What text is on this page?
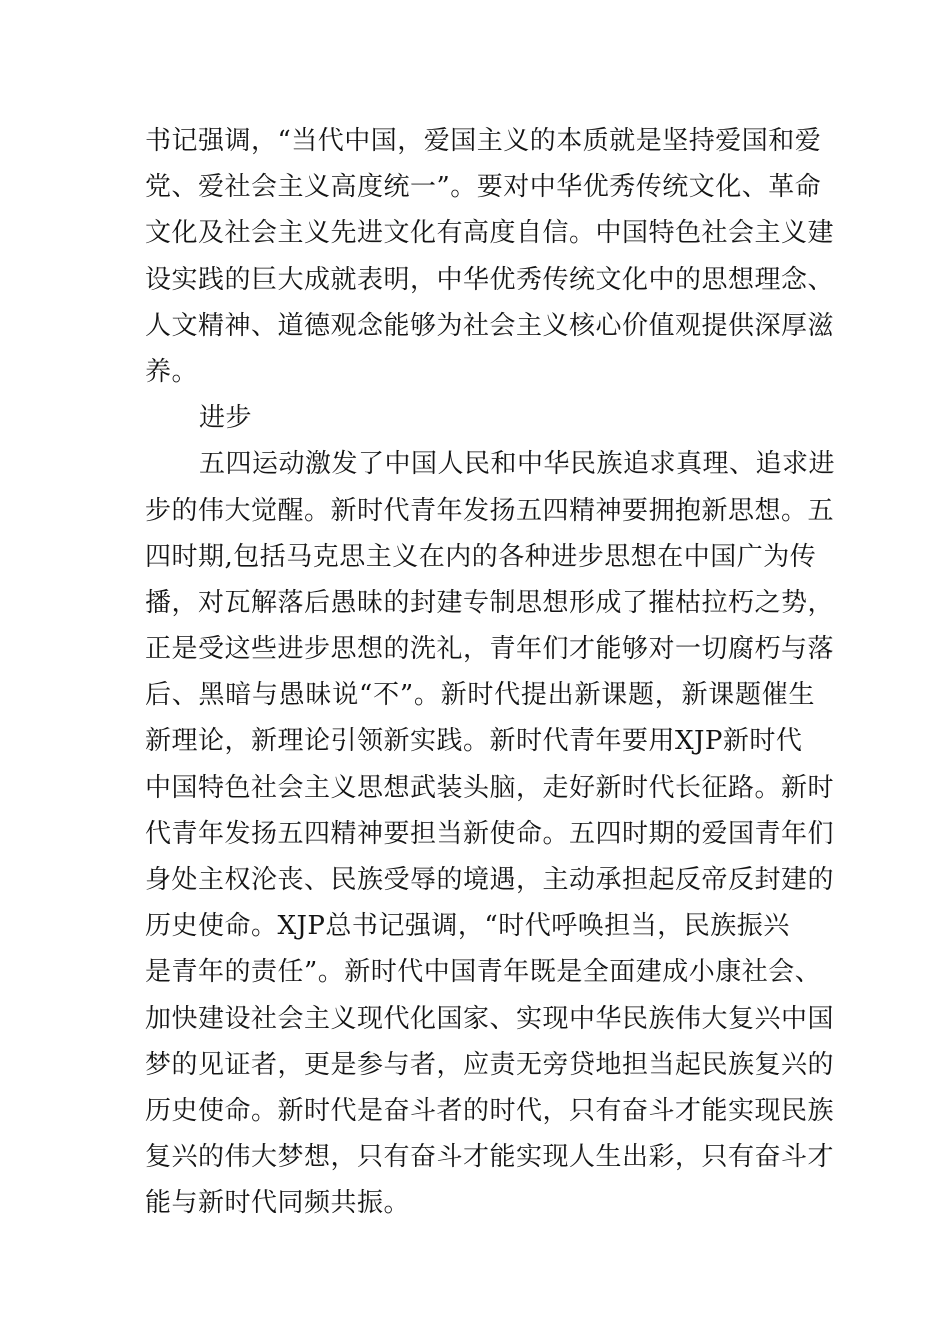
书记强调，“当代中国，爱国主义的本质就是坚持爱国和爱
党、爱社会主义高度统一”。要对中华优秀传统文化、革命
文化及社会主义先进文化有高度自信。中国特色社会主义建
设实践的巨大成就表明，中华优秀传统文化中的思想理念、
人文精神、道德观念能够为社会主义核心价值观提供深厚滋
养。
进步
五四运动激发了中国人民和中华民族追求真理、追求进
步的伟大觉醒。新时代青年发扬五四精神要拥抱新思想。五
四时期,包括马克思主义在内的各种进步思想在中国广为传
播，对瓦解落后愚昧的封建专制思想形成了摧枯拉朽之势，
正是受这些进步思想的洗礼，青年们才能够对一切腐朽与落
后、黑暗与愚昧说“不”。新时代提出新课题，新课题催生
新理论，新理论引领新实践。新时代青年要用XJP新时代
中国特色社会主义思想武装头脑，走好新时代长征路。新时
代青年发扬五四精神要担当新使命。五四时期的爱国青年们
身处主权沦丧、民族受辱的境遇，主动承担起反帝反封建的
历史使命。XJP总书记强调，“时代呼唤担当，民族振兴
是青年的责任”。新时代中国青年既是全面建成小康社会、
加快建设社会主义现代化国家、实现中华民族伟大复兴中国
梦的见证者，更是参与者，应责无旁贷地担当起民族复兴的
历史使命。新时代是奋斗者的时代，只有奋斗才能实现民族
复兴的伟大梦想，只有奋斗才能实现人生出彩，只有奋斗才
能与新时代同频共振。
